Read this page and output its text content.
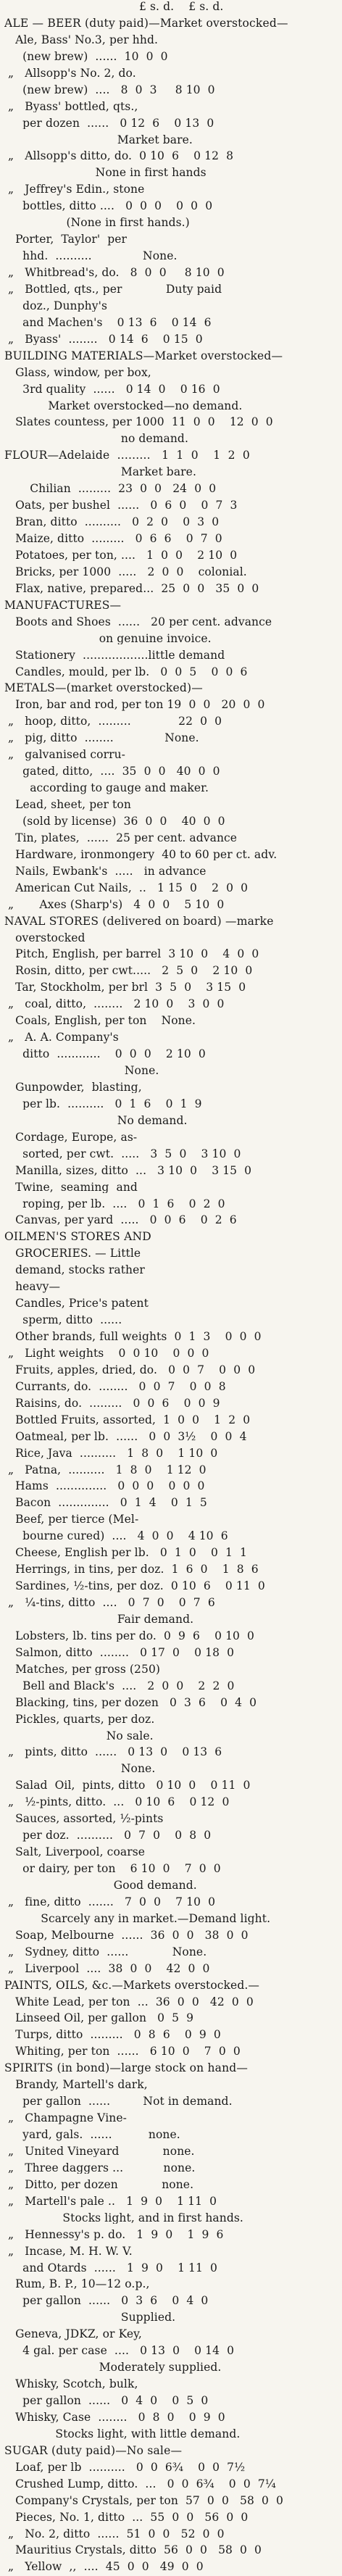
£ s. d.    £ s. d.
ALE — BEER (duty paid)—Market overstocked—
Ale, Bass' No.3, per hhd.
(new brew)  ......  10  0  0
„   Allsopp's No. 2, do.
(new brew)  ....   8  0  3     8 10  0
„   Byass' bottled, qts.,
per dozen  ......   0 12  6    0 13  0
Market bare.
„   Allsopp's ditto, do.  0 10  6    0 12  8
None in first hands
„   Jeffrey's Edin., stone
bottles, ditto ....   0  0  0    0  0  0
(None in first hands.)
Porter,  Taylor'  per
hhd.  ..........              None.
„   Whitbread's, do.   8  0  0     8 10  0
„   Bottled, qts., per            Duty paid
doz., Dunphy's
and Machen's    0 13  6    0 14  6
„   Byass'  ........   0 14  6    0 15  0
BUILDING MATERIALS—Market overstocked—
Glass, window, per box,
3rd quality  ......   0 14  0    0 16  0
Market overstocked—no demand.
Slates countess, per 1000  11  0  0    12  0  0
no demand.
FLOUR—Adelaide  .........   1  1  0    1  2  0
Market bare.
Chilian  .........  23  0  0   24  0  0
Oats, per bushel  ......   0  6  0    0  7  3
Bran, ditto  ..........   0  2  0    0  3  0
Maize, ditto  .........   0  6  6    0  7  0
Potatoes, per ton, ....   1  0  0    2 10  0
Bricks, per 1000  .....   2  0  0    colonial.
Flax, native, prepared...  25  0  0   35  0  0
MANUFACTURES—
Boots and Shoes  ......   20 per cent. advance
on genuine invoice.
Stationery  ..................little demand
Candles, mould, per lb.   0  0  5    0  0  6
METALS—(market overstocked)—
Iron, bar and rod, per ton 19  0  0   20  0  0
„   hoop, ditto,  .........             22  0  0
„   pig, ditto  ........              None.
„   galvanised corru-
gated, ditto,  ....  35  0  0   40  0  0
according to gauge and maker.
Lead, sheet, per ton
(sold by license)  36  0  0    40  0  0
Tin, plates,  ......  25 per cent. advance
Hardware, ironmongery  40 to 60 per ct. adv.
Nails, Ewbank's  .....   in advance
American Cut Nails,  ..   1 15  0    2  0  0
„       Axes (Sharp's)   4  0  0    5 10  0
NAVAL STORES (delivered on board) —marke
overstocked
Pitch, English, per barrel  3 10  0    4  0  0
Rosin, ditto, per cwt.....   2  5  0    2 10  0
Tar, Stockholm, per brl  3  5  0    3 15  0
„   coal, ditto,  ........   2 10  0    3  0  0
Coals, English, per ton    None.
„   A. A. Company's
ditto  ............    0  0  0    2 10  0
None.
Gunpowder,  blasting,
per lb.  ..........   0  1  6    0  1  9
No demand.
Cordage, Europe, as-
sorted, per cwt.  .....   3  5  0    3 10  0
Manilla, sizes, ditto  ...   3 10  0    3 15  0
Twine,  seaming  and
roping, per lb.  ....   0  1  6    0  2  0
Canvas, per yard  .....   0  0  6    0  2  6
OILMEN'S STORES AND
GROCERIES. — Little
demand, stocks rather
heavy—
Candles, Price's patent
sperm, ditto  ......
Other brands, full weights  0  1  3    0  0  0
„   Light weights    0  0 10    0  0  0
Fruits, apples, dried, do.   0  0  7    0  0  0
Currants, do.  ........   0  0  7    0  0  8
Raisins, do.  .........   0  0  6    0  0  9
Bottled Fruits, assorted,  1  0  0    1  2  0
Oatmeal, per lb.  ......   0  0  3½    0  0  4
Rice, Java  ..........   1  8  0    1 10  0
„   Patna,  ..........   1  8  0    1 12  0
Hams  ..............   0  0  0    0  0  0
Bacon  ..............   0  1  4    0  1  5
Beef, per tierce (Mel-
bourne cured)  ....   4  0  0    4 10  6
Cheese, English per lb.   0  1  0    0  1  1
Herrings, in tins, per doz.  1  6  0    1  8  6
Sardines, ½-tins, per doz.  0 10  6    0 11  0
„   ¼-tins, ditto  ....   0  7  0    0  7  6
Fair demand.
Lobsters, lb. tins per do.  0  9  6    0 10  0
Salmon, ditto  ........   0 17  0    0 18  0
Matches, per gross (250)
Bell and Black's  ....   2  0  0    2  2  0
Blacking, tins, per dozen   0  3  6    0  4  0
Pickles, quarts, per doz.
No sale.
„   pints, ditto  ......   0 13  0    0 13  6
None.
Salad  Oil,  pints, ditto   0 10  0    0 11  0
„   ½-pints, ditto.  ...   0 10  6    0 12  0
Sauces, assorted, ½-pints
per doz.  ..........   0  7  0    0  8  0
Salt, Liverpool, coarse
or dairy, per ton    6 10  0    7  0  0
Good demand.
„   fine, ditto  .......   7  0  0    7 10  0
Scarcely any in market.—Demand light.
Soap, Melbourne  ......  36  0  0   38  0  0
„   Sydney, ditto  ......            None.
„   Liverpool  ....  38  0  0    42  0  0
PAINTS, OILS, &c.—Markets overstocked.—
White Lead, per ton  ...  36  0  0   42  0  0
Linseed Oil, per gallon   0  5  9
Turps, ditto  .........   0  8  6    0  9  0
Whiting, per ton  ......   6 10  0    7  0  0
SPIRITS (in bond)—large stock on hand—
Brandy, Martell's dark,
per gallon  ......         Not in demand.
„   Champagne Vine-
yard, gals.  ......          none.
„   United Vineyard            none.
„   Three daggers ...           none.
„   Ditto, per dozen            none.
„   Martell's pale ..   1  9  0    1 11  0
Stocks light, and in first hands.
„   Hennessy's p. do.   1  9  0    1  9  6
„   Incase, M. H. W. V.
and Otards  ......   1  9  0    1 11  0
Rum, B. P., 10—12 o.p.,
per gallon  ......   0  3  6    0  4  0
Supplied.
Geneva, JDKZ, or Key,
4 gal. per case  ....   0 13  0    0 14  0
Moderately supplied.
Whisky, Scotch, bulk,
per gallon  ......   0  4  0    0  5  0
Whisky, Case  ........   0  8  0    0  9  0
Stocks light, with little demand.
SUGAR (duty paid)—No sale—
Loaf, per lb  ..........   0  0  6¾    0  0  7½
Crushed Lump, ditto.  ...   0  0  6¾    0  0  7¼
Company's Crystals, per ton  57  0  0   58  0  0
Pieces, No. 1, ditto  ...  55  0  0   56  0  0
„   No. 2, ditto  ......  51  0  0   52  0  0
Mauritius Crystals, ditto  56  0  0   58  0  0
„   Yellow  ,,  ....  45  0  0   49  0  0
